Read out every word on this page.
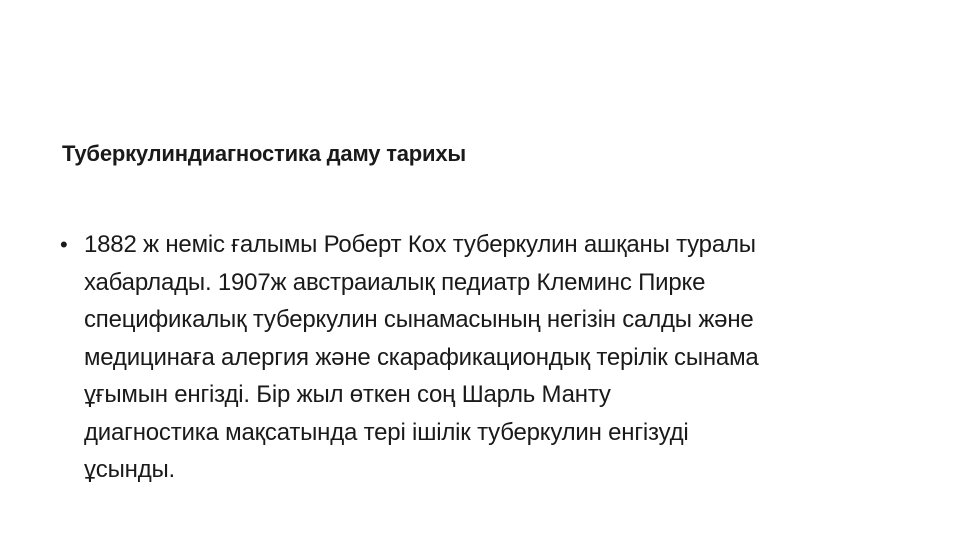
Туберкулиндиагностика даму тарихы
• 1882 ж неміс ғалымы Роберт Кох туберкулин ашқаны туралы
хабарлады. 1907ж австраиалық педиатр Клеминс Пирке
спецификалық туберкулин сынамасының негізін салды және
медицинаға алергия және скарафикациондық терілік сынама
ұғымын енгізді. Бір жыл өткен соң Шарль Манту
диагностика мақсатында тері ішілік туберкулин енгізуді
ұсынды.
